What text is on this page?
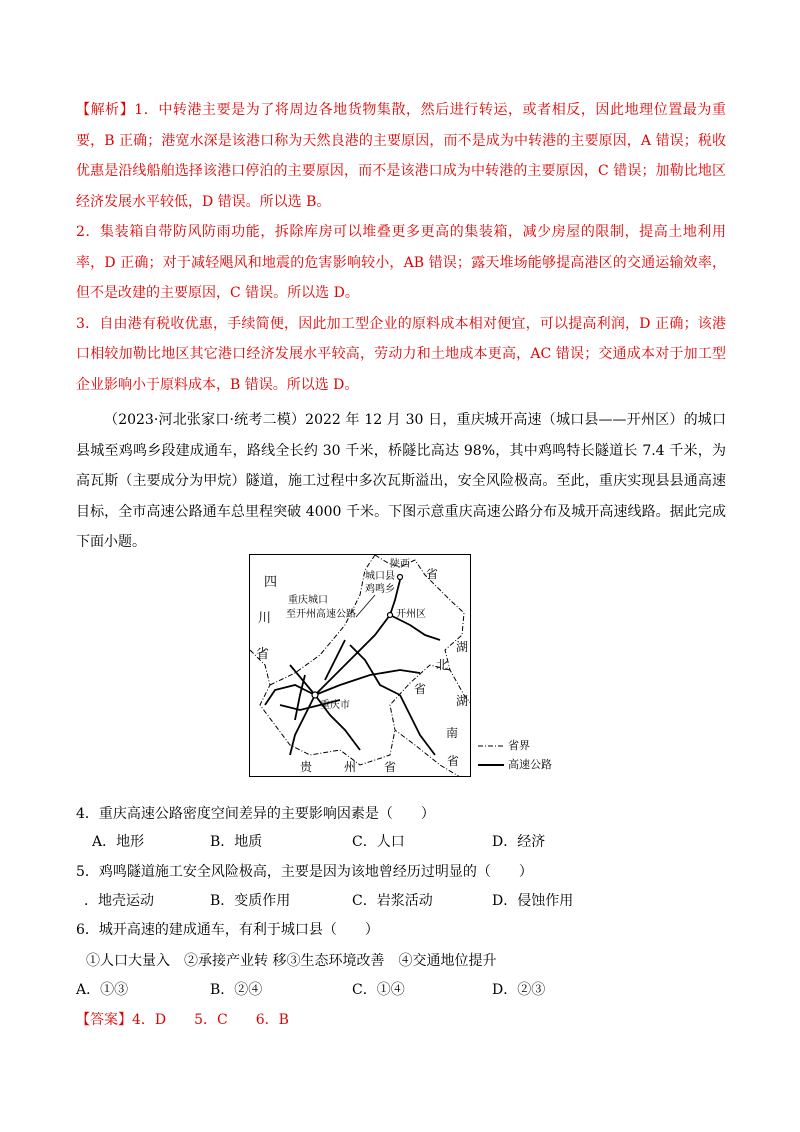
【解析】1．中转港主要是为了将周边各地货物集散，然后进行转运，或者相反，因此地理位置最为重要，B 正确；港宽水深是该港口称为天然良港的主要原因，而不是成为中转港的主要原因，A 错误；税收优惠是沿线船舶选择该港口停泊的主要原因，而不是该港口成为中转港的主要原因，C 错误；加勒比地区经济发展水平较低，D 错误。所以选 B。

2．集装箱自带防风防雨功能，拆除库房可以堆叠更多更高的集装箱，减少房屋的限制，提高土地利用率，D 正确；对于减轻飓风和地震的危害影响较小，AB 错误；露天堆场能够提高港区的交通运输效率，但不是改建的主要原因，C 错误。所以选 D。

3．自由港有税收优惠，手续简便，因此加工型企业的原料成本相对便宜，可以提高利润，D 正确；该港口相较加勒比地区其它港口经济发展水平较高，劳动力和土地成本更高，AC 错误；交通成本对于加工型企业影响小于原料成本，B 错误。所以选 D。

（2023·河北张家口·统考二模）2022 年 12 月 30 日，重庆城开高速（城口县——开州区）的城口县城至鸡鸣乡段建成通车，路线全长约 30 千米，桥隧比高达 98%，其中鸡鸣特长隧道长 7.4 千米，为高瓦斯（主要成分为甲烷）隧道，施工过程中多次瓦斯溢出，安全风险极高。至此，重庆实现县县通高速目标，全市高速公路通车总里程突破 4000 千米。下图示意重庆高速公路分布及城开高速线路。据此完成下面小题。

四
川
省
陕西
省
城口县
鸡鸣乡
重庆城口
至开州高速公路	开州区
湖
北
省
湖
南
省
重庆市
贵	州 省
省界
高速公路
4．重庆高速公路密度空间差异的主要影响因素是（　　）
A．地形	B．地质	C．人口	D．经济
5．鸡鸣隧道施工安全风险极高，主要是因为该地曾经历过明显的（　　）
．地壳运动	B．变质作用	C．岩浆活动	D．侵蚀作用
6．城开高速的建成通车，有利于城口县（　　）
①人口大量入　②承接产业转 移③生态环境改善　④交通地位提升
A．①③	B．②④	C．①④	D．②③
【答案】4．D　　5．C　　6．B
